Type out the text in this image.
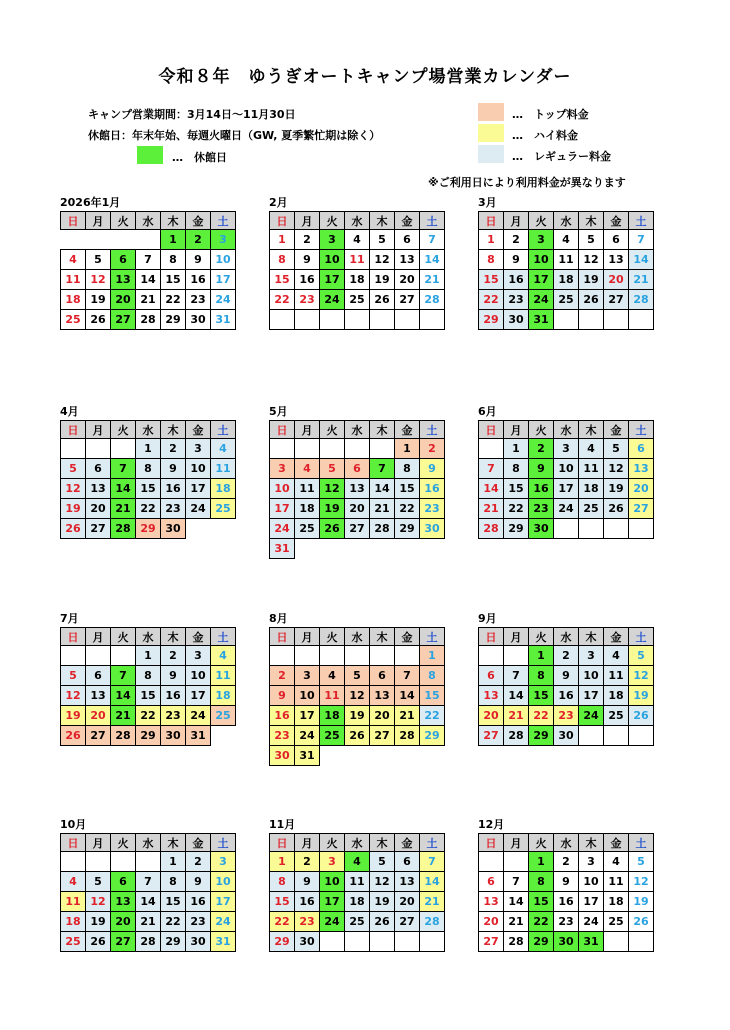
令和８年　ゆうぎオートキャンプ場営業カレンダー
キャンプ営業期間：3月14日～11月30日
休館日：年末年始、毎週火曜日（GW, 夏季繁忙期は除く）
…　休館日
…　トップ料金
…　ハイ料金
…　レギュラー料金
※ご利用日により利用料金が異なります
2026年1月
日	月	火	水	木	金	土
				1	2	3
4	5	6	7	8	9	10
11	12	13	14	15	16	17
18	19	20	21	22	23	24
25	26	27	28	29	30	31
2月
日	月	火	水	木	金	土
1	2	3	4	5	6	7
8	9	10	11	12	13	14
15	16	17	18	19	20	21
22	23	24	25	26	27	28

3月
日	月	火	水	木	金	土
1	2	3	4	5	6	7
8	9	10	11	12	13	14
15	16	17	18	19	20	21
22	23	24	25	26	27	28
29	30	31				
4月
日	月	火	水	木	金	土
			1	2	3	4
5	6	7	8	9	10	11
12	13	14	15	16	17	18
19	20	21	22	23	24	25
26	27	28	29	30		
5月
日	月	火	水	木	金	土
					1	2
3	4	5	6	7	8	9
10	11	12	13	14	15	16
17	18	19	20	21	22	23
24	25	26	27	28	29	30
31						
6月
日	月	火	水	木	金	土
	1	2	3	4	5	6
7	8	9	10	11	12	13
14	15	16	17	18	19	20
21	22	23	24	25	26	27
28	29	30				
7月
日	月	火	水	木	金	土
			1	2	3	4
5	6	7	8	9	10	11
12	13	14	15	16	17	18
19	20	21	22	23	24	25
26	27	28	29	30	31	
8月
日	月	火	水	木	金	土
						1
2	3	4	5	6	7	8
9	10	11	12	13	14	15
16	17	18	19	20	21	22
23	24	25	26	27	28	29
30	31					
9月
日	月	火	水	木	金	土
		1	2	3	4	5
6	7	8	9	10	11	12
13	14	15	16	17	18	19
20	21	22	23	24	25	26
27	28	29	30			
10月
日	月	火	水	木	金	土
				1	2	3
4	5	6	7	8	9	10
11	12	13	14	15	16	17
18	19	20	21	22	23	24
25	26	27	28	29	30	31
11月
日	月	火	水	木	金	土
1	2	3	4	5	6	7
8	9	10	11	12	13	14
15	16	17	18	19	20	21
22	23	24	25	26	27	28
29	30					
12月
日	月	火	水	木	金	土
		1	2	3	4	5
6	7	8	9	10	11	12
13	14	15	16	17	18	19
20	21	22	23	24	25	26
27	28	29	30	31		
